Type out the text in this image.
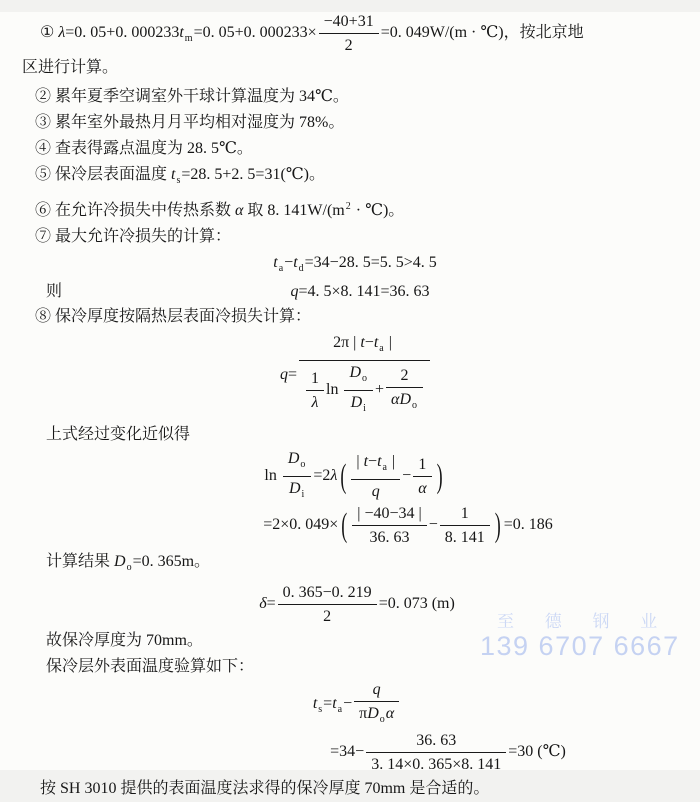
① λ=0. 05+0. $000233t_m=0$. 05+0. $000233\times \frac{-40+31}{2} =0$. 049W/(m · ℃)，按北京地
区进行计算。
② 累年夏季空调室外干球计算温度为 34℃。
③ 累年室外最热月月平均相对湿度为 78%。
④ 查表得露点温度为 28. 5℃。
⑤ 保冷层表面温度 $t_s=28$. 5+2. 5=31(℃)。
⑥ 在允许冷损失中传热系数 α 取 8. $141W/(m^2$ · ℃)。
⑦ 最大允许冷损失的计算：
$t_a-t_d=34-28$. 5=5. 5>4. 5
则	q=4. 5×8. 141=36. 63
⑧ 保冷厚度按隔热层表面冷损失计算：
$q= \frac{2\pi | t-t_a |}{\frac{1}{\lambda} \ln \frac{D_o}{D_i} + \frac{2}{\alpha D_o}}$
上式经过变化近似得
$\ln \frac{D_o}{D_i} =2\lambda$ ( $\frac{| t-t_a |}{q} - \frac{1}{\alpha}$ )
=2×0. 049× ( $\frac{| -40-34 |}{36. 63} - \frac{1}{8. 141}$ ) =0. 186
计算结果 $D_o=0$. 365m。
$\delta= \frac{0. 365-0. 219}{2} =0$. 073 (m)
故保冷厚度为 70mm。
保冷层外表面温度验算如下：
$t_s=t_a- \frac{q}{\pi D_o\alpha}$
$=34- \frac{36. 63}{3. 14\times 0. 365\times 8. 141} =30$ (℃)
按 SH 3010 提供的表面温度法求得的保冷厚度 70mm 是合适的。
至 德 钢 业
139 6707 6667
